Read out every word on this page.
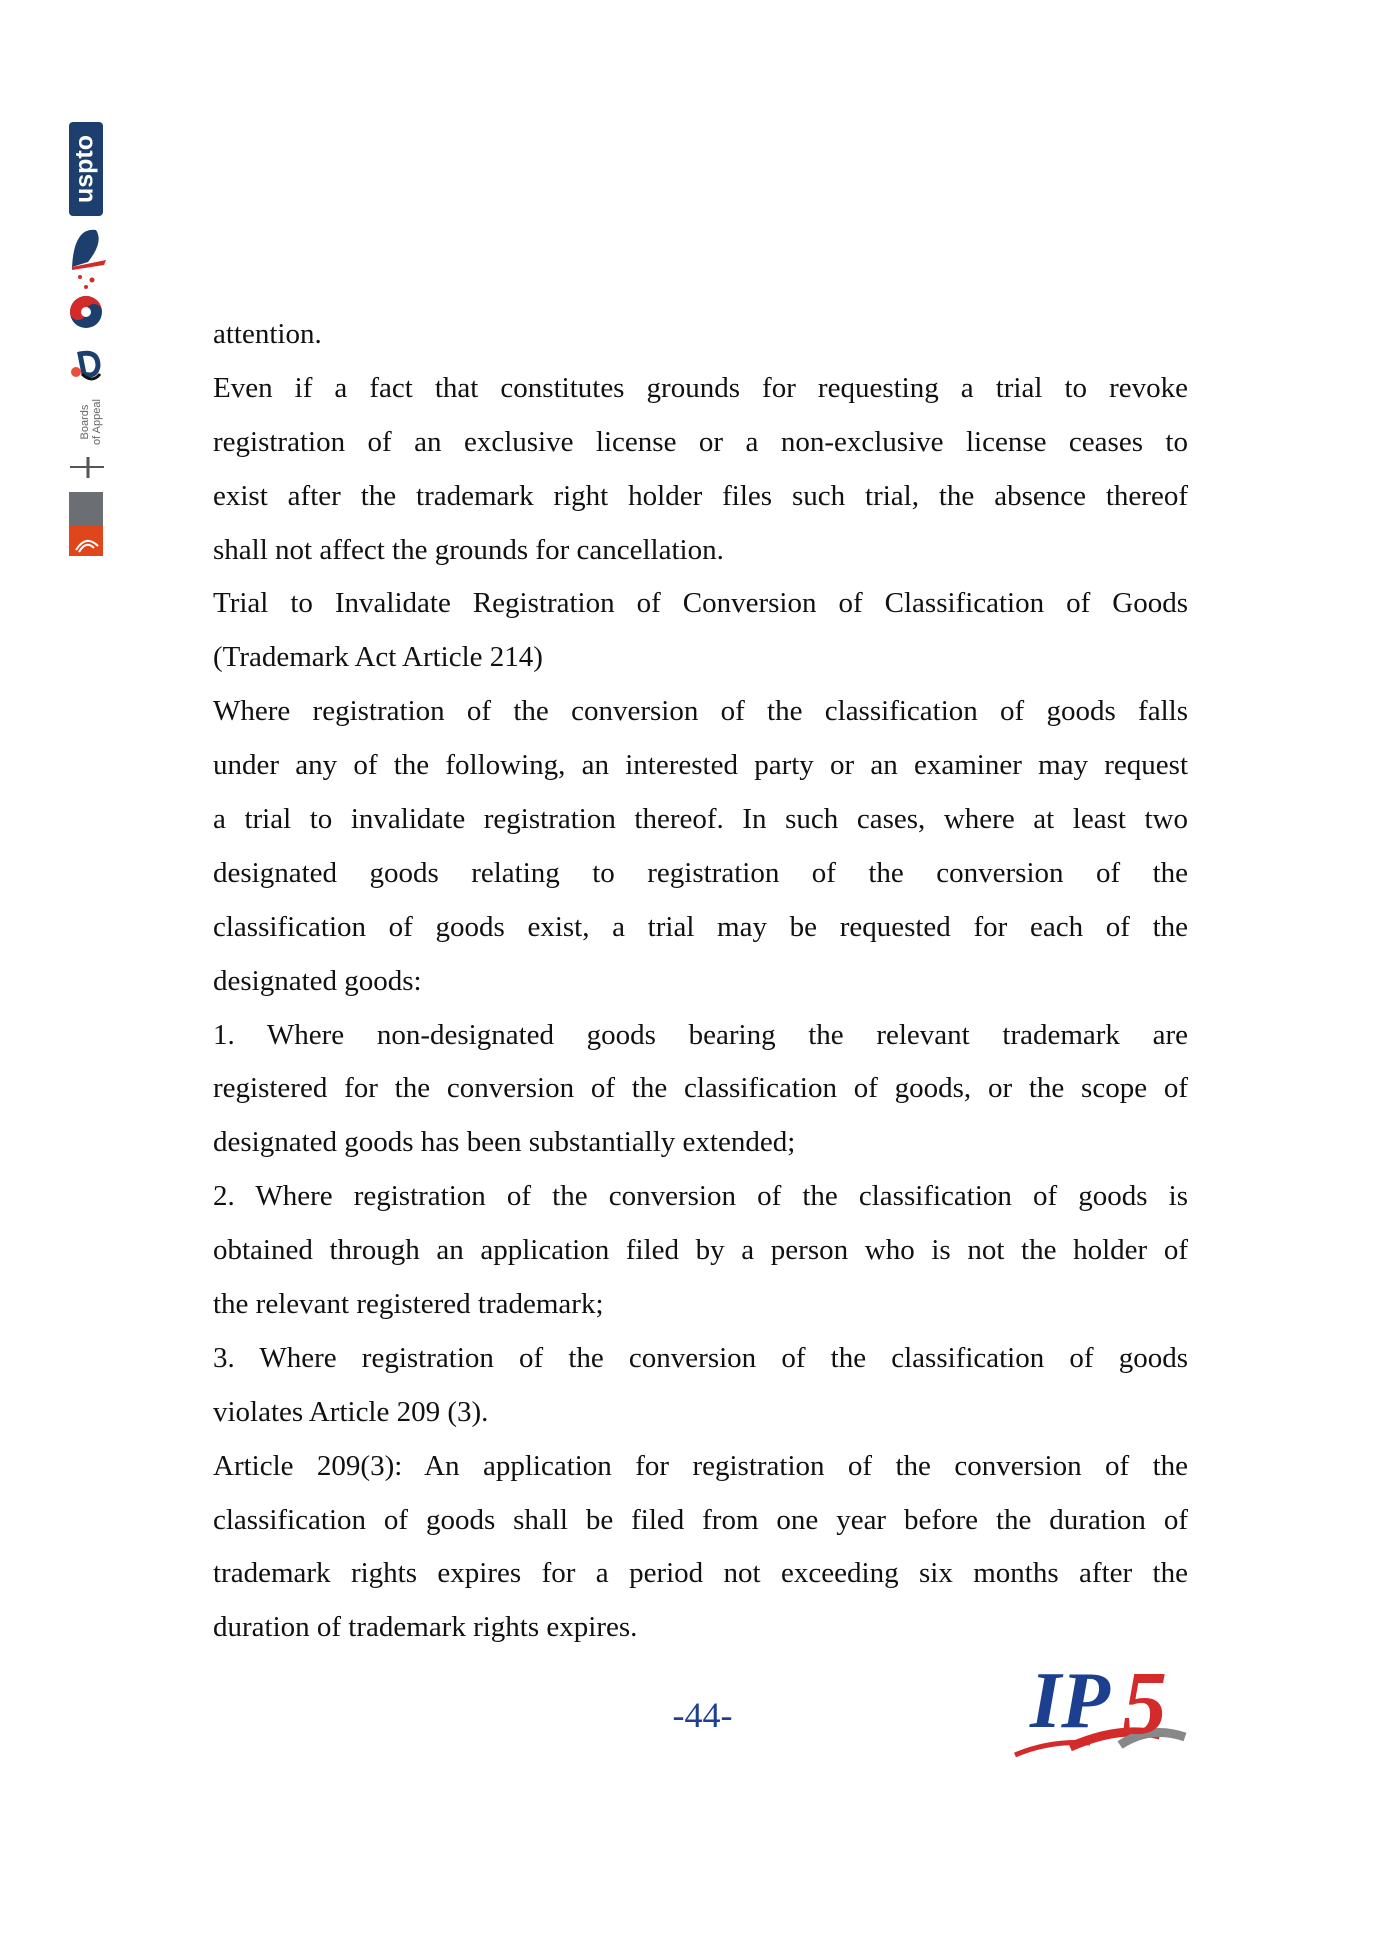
uspto
Boards of Appeal
attention.
Even if a fact that constitutes grounds for requesting a trial to revoke
registration of an exclusive license or a non-exclusive license ceases to
exist after the trademark right holder files such trial, the absence thereof
shall not affect the grounds for cancellation.
Trial to Invalidate Registration of Conversion of Classification of Goods
(Trademark Act Article 214)
Where registration of the conversion of the classification of goods falls
under any of the following, an interested party or an examiner may request
a trial to invalidate registration thereof. In such cases, where at least two
designated goods relating to registration of the conversion of the
classification of goods exist, a trial may be requested for each of the
designated goods:
1. Where non-designated goods bearing the relevant trademark are
registered for the conversion of the classification of goods, or the scope of
designated goods has been substantially extended;
2. Where registration of the conversion of the classification of goods is
obtained through an application filed by a person who is not the holder of
the relevant registered trademark;
3. Where registration of the conversion of the classification of goods
violates Article 209 (3).
Article 209(3): An application for registration of the conversion of the
classification of goods shall be filed from one year before the duration of
trademark rights expires for a period not exceeding six months after the
duration of trademark rights expires.
-44-	IP 5
